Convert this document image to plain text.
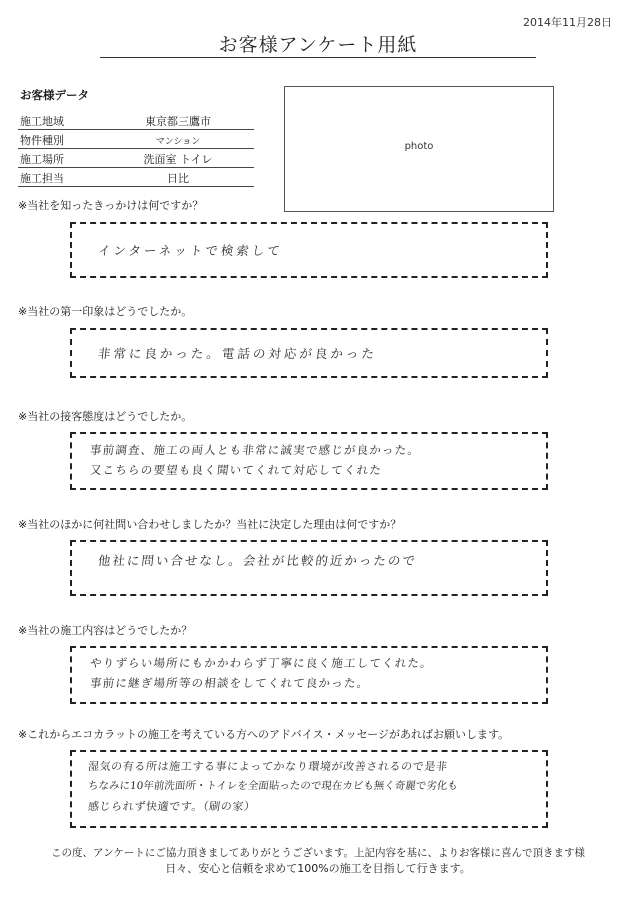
2014年11月28日
お客様アンケート用紙
お客様データ
施工地域	東京都三鷹市
物件種別	マンション
施工場所	洗面室 トイレ
施工担当	日比
photo
※当社を知ったきっかけは何ですか？
インターネットで検索して
※当社の第一印象はどうでしたか。
非常に良かった。電話の対応が良かった
※当社の接客態度はどうでしたか。
事前調査、施工の両人とも非常に誠実で感じが良かった。
又こちらの要望も良く聞いてくれて対応してくれた
※当社のほかに何社問い合わせしましたか？当社に決定した理由は何ですか？
他社に問い合せなし。会社が比較的近かったので
※当社の施工内容はどうでしたか？
やりずらい場所にもかかわらず丁寧に良く施工してくれた。
事前に継ぎ場所等の相談をしてくれて良かった。
※これからエコカラットの施工を考えている方へのアドバイス・メッセージがあればお願いします。
湿気の有る所は施工する事によってかなり環境が改善されるので是非
ちなみに10年前洗面所・トイレを全面貼ったので現在カビも無く奇麗で劣化も
感じられず快適です。（刷の家）
この度、アンケートにご協力頂きましてありがとうございます。上記内容を基に、よりお客様に喜んで頂きます様
日々、安心と信頼を求めて100%の施工を目指して行きます。
